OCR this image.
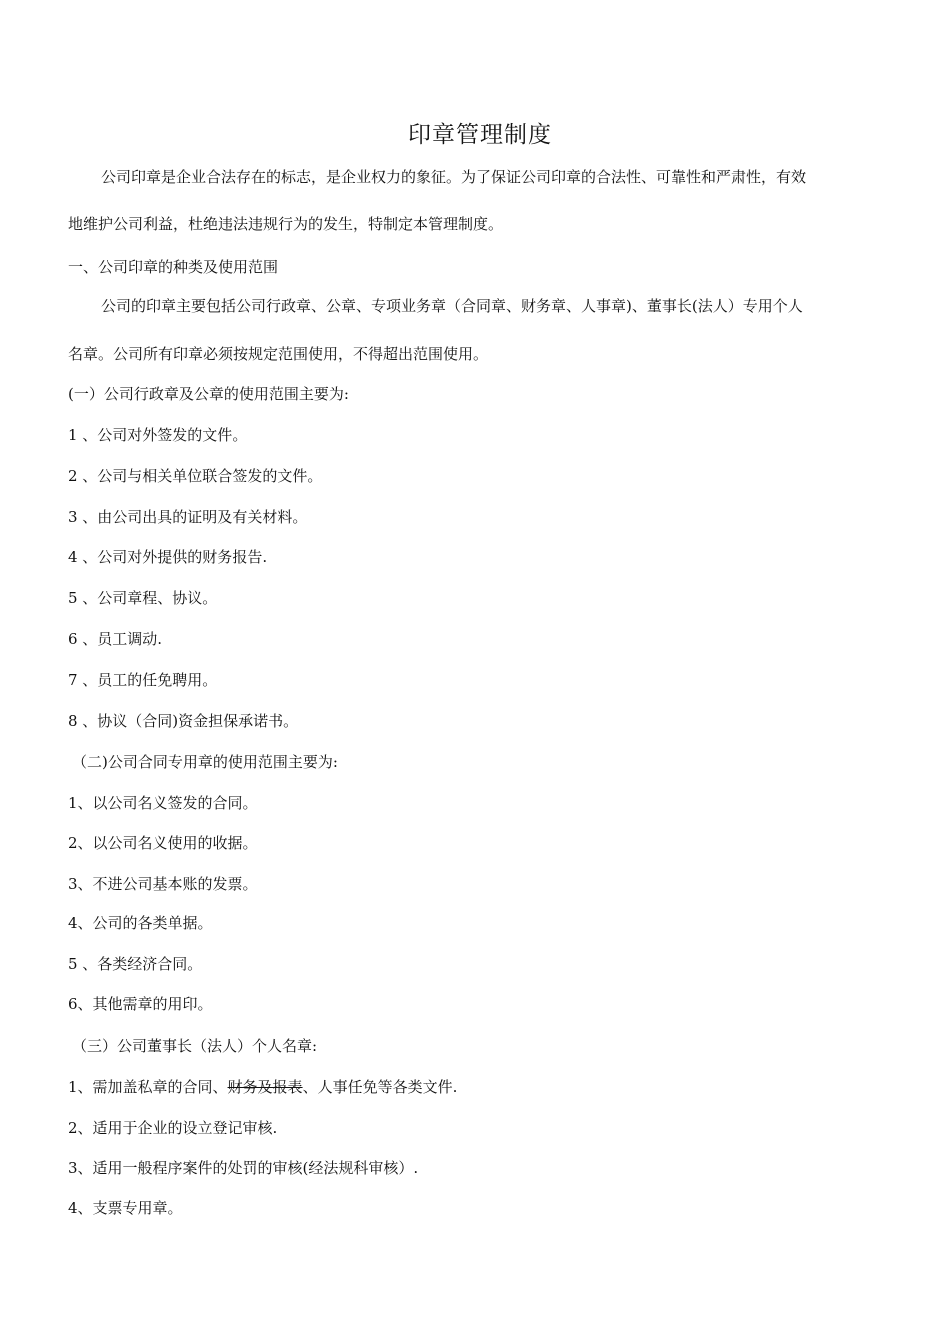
印章管理制度
公司印章是企业合法存在的标志，是企业权力的象征。为了保证公司印章的合法性、可靠性和严肃性，有效
地维护公司利益，杜绝违法违规行为的发生，特制定本管理制度。
一、公司印章的种类及使用范围
公司的印章主要包括公司行政章、公章、专项业务章（合同章、财务章、人事章)、董事长(法人）专用个人
名章。公司所有印章必须按规定范围使用，不得超出范围使用。
(一）公司行政章及公章的使用范围主要为:
1 、公司对外签发的文件。
2 、公司与相关单位联合签发的文件。
3 、由公司出具的证明及有关材料。
4 、公司对外提供的财务报告.
5 、公司章程、协议。
6 、员工调动.
7 、员工的任免聘用。
8 、协议（合同)资金担保承诺书。
（二)公司合同专用章的使用范围主要为:
1、以公司名义签发的合同。
2、以公司名义使用的收据。
3、不进公司基本账的发票。
4、公司的各类单据。
5 、各类经济合同。
6、其他需章的用印。
（三）公司董事长（法人）个人名章:
1、需加盖私章的合同、财务及报表、人事任免等各类文件.
2、适用于企业的设立登记审核.
3、适用一般程序案件的处罚的审核(经法规科审核）.
4、支票专用章。
